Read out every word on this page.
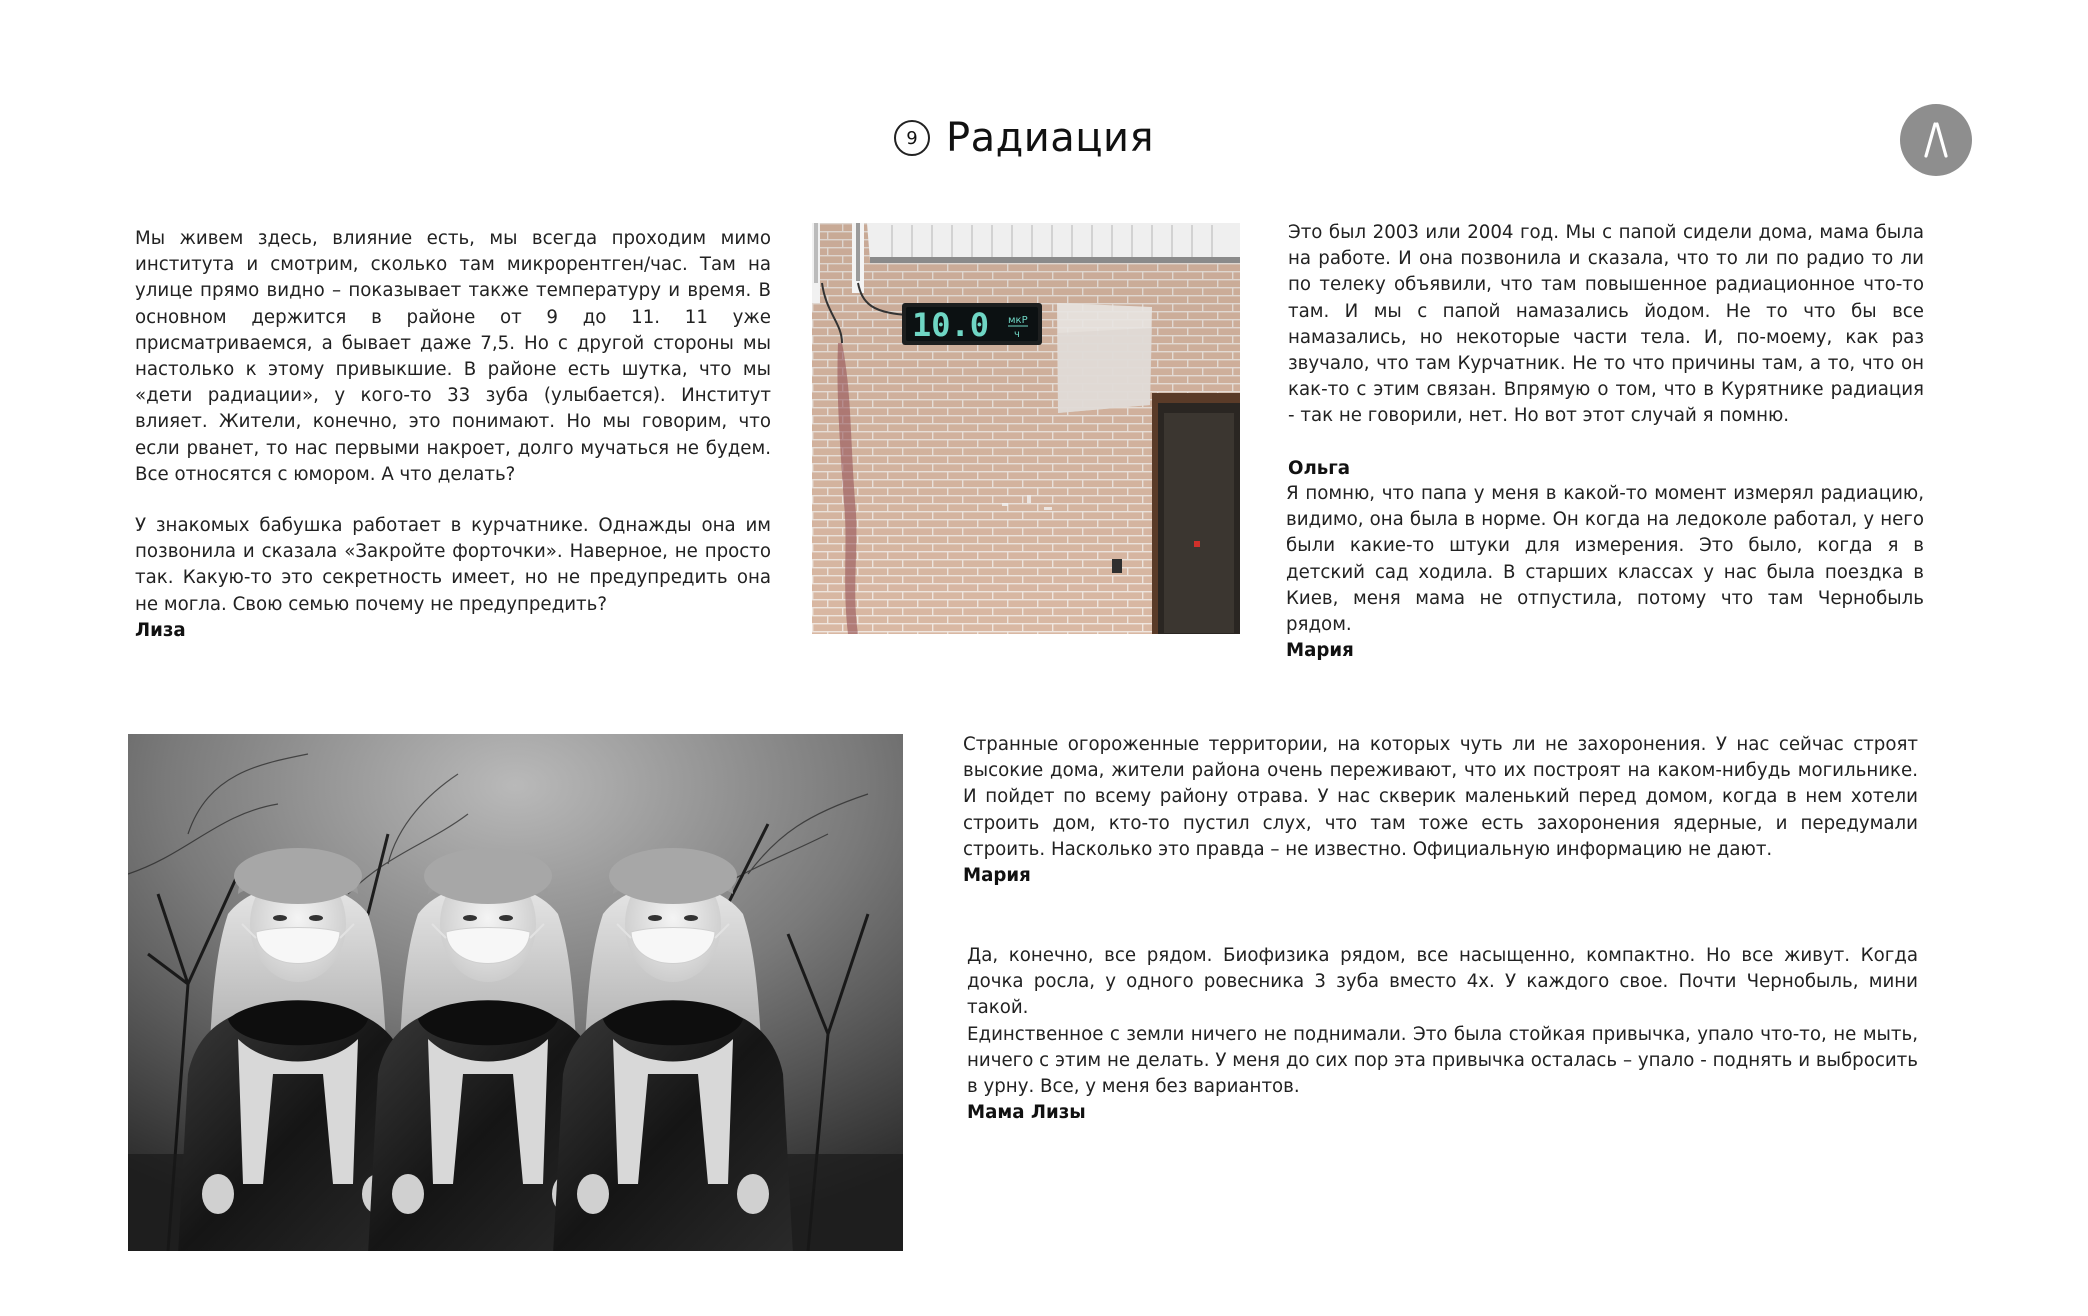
9 Радиация

Мы живем здесь, влияние есть, мы всегда проходим мимо института и смотрим, сколько там микрорентген/час. Там на улице прямо видно – показывает также температуру и время. В основном держится в районе от 9 до 11. 11 уже присматриваемся, а бывает даже 7,5. Но с другой стороны мы настолько к этому привыкшие. В районе есть шутка, что мы «дети радиации», у кого-то 33 зуба (улыбается). Институт влияет. Жители, конечно, это понимают. Но мы говорим, что если рванет, то нас первыми накроет, долго мучаться не будем. Все относятся с юмором. А что делать?

У знакомых бабушка работает в курчатнике. Однажды она им позвонила и сказала «Закройте форточки». Наверное, не просто так. Какую-то это секретность имеет, но не предупредить она не могла. Свою семью почему не предупредить?

Лиза
10.0 мкР
ч

Это был 2003 или 2004 год. Мы с папой сидели дома, мама была на работе. И она позвонила и сказала, что то ли по радио то ли по телеку объявили, что там повышенное радиационное что-то там. И мы с папой намазались йодом. Не то что бы все намазались, но некоторые части тела. И, по-моему, как раз звучало, что там Курчатник. Не то что причины там, а то, что он как-то с этим связан. Впрямую о том, что в Курятнике радиация - так не говорили, нет. Но вот этот случай я помню.

Ольга

Я помню, что папа у меня в какой-то момент измерял радиацию, видимо, она была в норме. Он когда на ледоколе работал, у него были какие-то штуки для измерения. Это было, когда я в детский сад ходила. В старших классах у нас была поездка в Киев, меня мама не отпустила, потому что там Чернобыль рядом.

Мария

Странные огороженные территории, на которых чуть ли не захоронения. У нас сейчас строят высокие дома, жители района очень переживают, что их построят на каком-нибудь могильнике. И пойдет по всему району отрава. У нас скверик маленький перед домом, когда в нем хотели строить дом, кто-то пустил слух, что там тоже есть захоронения ядерные, и передумали строить. Насколько это правда – не известно. Официальную информацию не дают.

Мария

Да, конечно, все рядом. Биофизика рядом, все насыщенно, компактно. Но все живут. Когда дочка росла, у одного ровесника 3 зуба вместо 4х. У каждого свое. Почти Чернобыль, мини такой.

Единственное с земли ничего не поднимали. Это была стойкая привычка, упало что-то, не мыть, ничего с этим не делать. У меня до сих пор эта привычка осталась – упало - поднять и выбросить в урну. Все, у меня без вариантов.

Мама Лизы
